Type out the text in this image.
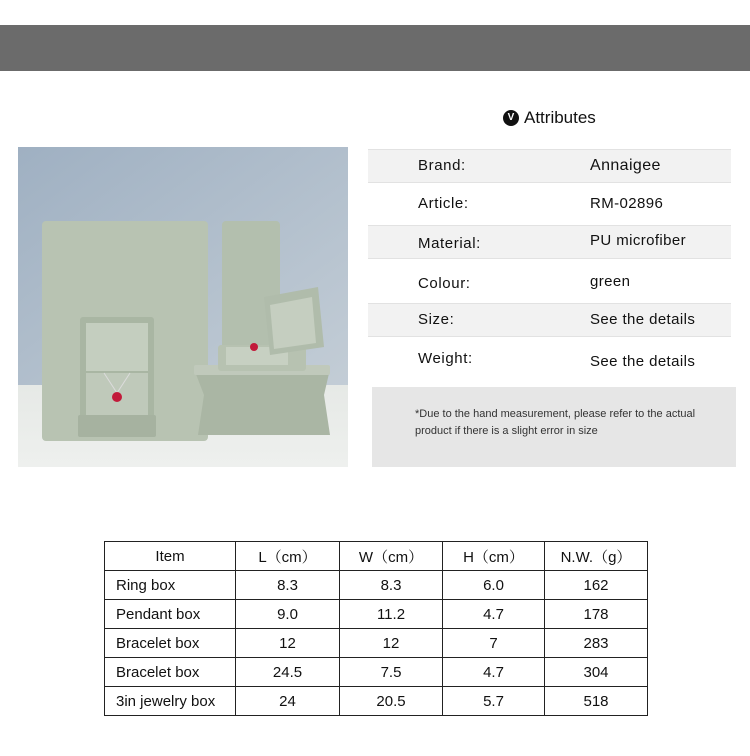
V Attributes
Brand:	Annaigee
Article:	RM-02896
Material:	PU microfiber
Colour:	green
Size:	See the details
Weight:	See the details
*Due to the hand measurement, please refer to the actual
product if there is a slight error in size
Item	L（cm）	W（cm）	H（cm）	N.W.（g）
Ring box	8.3	8.3	6.0	162
Pendant box	9.0	11.2	4.7	178
Bracelet box	12	12	7	283
Bracelet box	24.5	7.5	4.7	304
3in jewelry box	24	20.5	5.7	518
